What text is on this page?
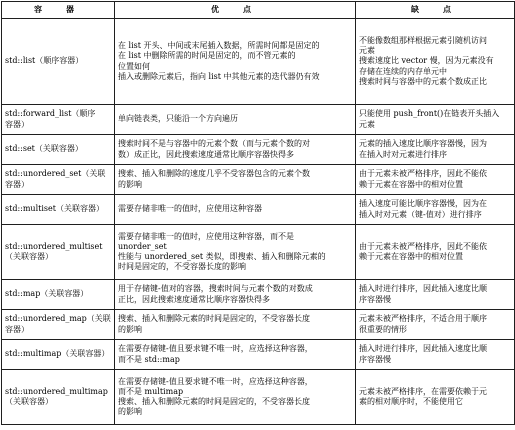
容　器	优　点	缺　点

std::list（顺序容器）	在 list 开头、中间或末尾插入数据，所需时间都是固定的
在 list 中删除所需的时间是固定的，而不管元素的
位置如何
插入或删除元素后，指向 list 中其他元素的迭代器仍有效	不能像数组那样根据元素引随机访问
元素
搜索速度比 vector 慢，因为元素没有
存储在连续的内存单元中
搜索时间与容器中的元素个数成正比

std::forward_list（顺序
容器）	单向链表类，只能沿一个方向遍历	只能使用 push_front()在链表开头插入
元素

std::set（关联容器）	搜索时间不是与容器中的元素个数（而与元素个数的对
数）成正比，因此搜索速度通常比顺序容器快得多	元素的插入速度比顺序容器慢，因为
在插入时对元素进行排序

std::unordered_set（关联
容器）	搜索、插入和删除的速度几乎不受容器包含的元素个数
的影响	由于元素未被严格排序，因此不能依
赖于元素在容器中的相对位置

std::multiset（关联容器）	需要存储非唯一的值时，应使用这种容器	插入速度可能比顺序容器慢，因为在
插入时对元素（键-值对）进行排序

std::unordered_multiset
（关联容器）	需要存储非唯一的值时，应使用这种容器，而不是
unorder_set
性能与 unordered_set 类似，即搜索、插入和删除元素的
时间是固定的，不受容器长度的影响	由于元素未被严格排序，因此不能依
赖于元素在容器中的相对位置

std::map（关联容器）	用于存储键-值对的容器，搜索时间与元素个数的对数成
正比，因此搜索速度通常比顺序容器快得多	插入时进行排序，因此插入速度比顺
序容器慢

std::unordered_map（关联
容器）	搜索、插入和删除元素的时间是固定的，不受容器长度
的影响	元素未被严格排序，不适合用于顺序
很重要的情形

std::multimap（关联容器）	在需要存储键-值且要求键不唯一时，应选择这种容器，
而不是 std::map	插入时进行排序，因此插入速度比顺
序容器慢

std::unordered_multimap
（关联容器）	在需要存储键-值且要求键不唯一时，应选择这种容器，
而不是 multimap
搜索、插入和删除元素的时间是固定的，不受容器长度
的影响	元素未被严格排序，在需要依赖于元
素的相对顺序时，不能使用它
